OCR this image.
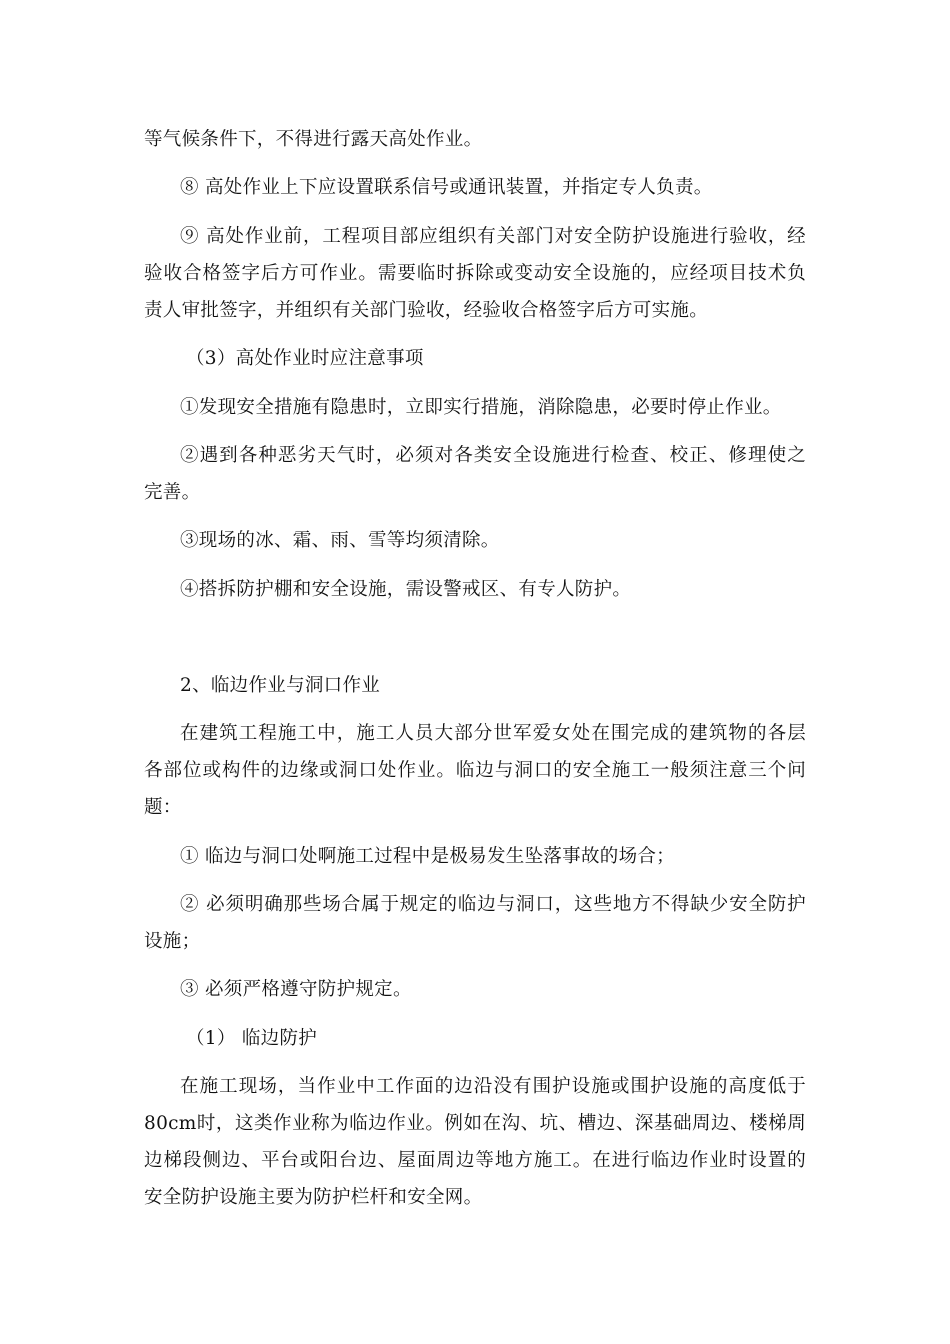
等气候条件下，不得进行露天高处作业。

⑧ 高处作业上下应设置联系信号或通讯装置，并指定专人负责。

⑨ 高处作业前，工程项目部应组织有关部门对安全防护设施进行验收，经

验收合格签字后方可作业。需要临时拆除或变动安全设施的，应经项目技术负

责人审批签字，并组织有关部门验收，经验收合格签字后方可实施。

（3）高处作业时应注意事项

①发现安全措施有隐患时，立即实行措施，消除隐患，必要时停止作业。

②遇到各种恶劣天气时，必须对各类安全设施进行检查、校正、修理使之

完善。

③现场的冰、霜、雨、雪等均须清除。

④搭拆防护棚和安全设施，需设警戒区、有专人防护。

2、临边作业与洞口作业

在建筑工程施工中，施工人员大部分世军爱女处在围完成的建筑物的各层

各部位或构件的边缘或洞口处作业。临边与洞口的安全施工一般须注意三个问

题：

① 临边与洞口处啊施工过程中是极易发生坠落事故的场合；

② 必须明确那些场合属于规定的临边与洞口，这些地方不得缺少安全防护

设施；

③ 必须严格遵守防护规定。

（1） 临边防护

在施工现场，当作业中工作面的边沿没有围护设施或围护设施的高度低于

80cm时，这类作业称为临边作业。例如在沟、坑、槽边、深基础周边、楼梯周

边梯段侧边、平台或阳台边、屋面周边等地方施工。在进行临边作业时设置的

安全防护设施主要为防护栏杆和安全网。
